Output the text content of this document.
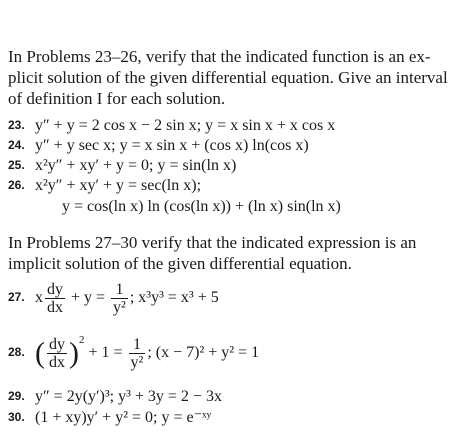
In Problems 23–26, verify that the indicated function is an ex-
plicit solution of the given differential equation. Give an interval
of definition I for each solution.
23. y″ + y = 2 cos x − 2 sin x; y = x sin x + x cos x
24. y″ + y sec x; y = x sin x + (cos x) ln(cos x)
25. x²y″ + xy′ + y = 0; y = sin(ln x)
26. x²y″ + xy′ + y = sec(ln x);
y = cos(ln x) ln (cos(ln x)) + (ln x) sin(ln x)
In Problems 27–30 verify that the indicated expression is an
implicit solution of the given differential equation.
27. x $\frac{dy}{dx} + y = \frac{1}{\text{y²}}$ ; x³y³ = x³ + 5
28. ( $\frac{dy}{dx} )^2 + 1 = \frac{1}{\text{y²}}$ ; (x − 7)² + y² = 1
29. y″ = 2y(y′)³; y³ + 3y = 2 − 3x
30. (1 + xy)y′ + y² = 0; y = e⁻ˣʸ
